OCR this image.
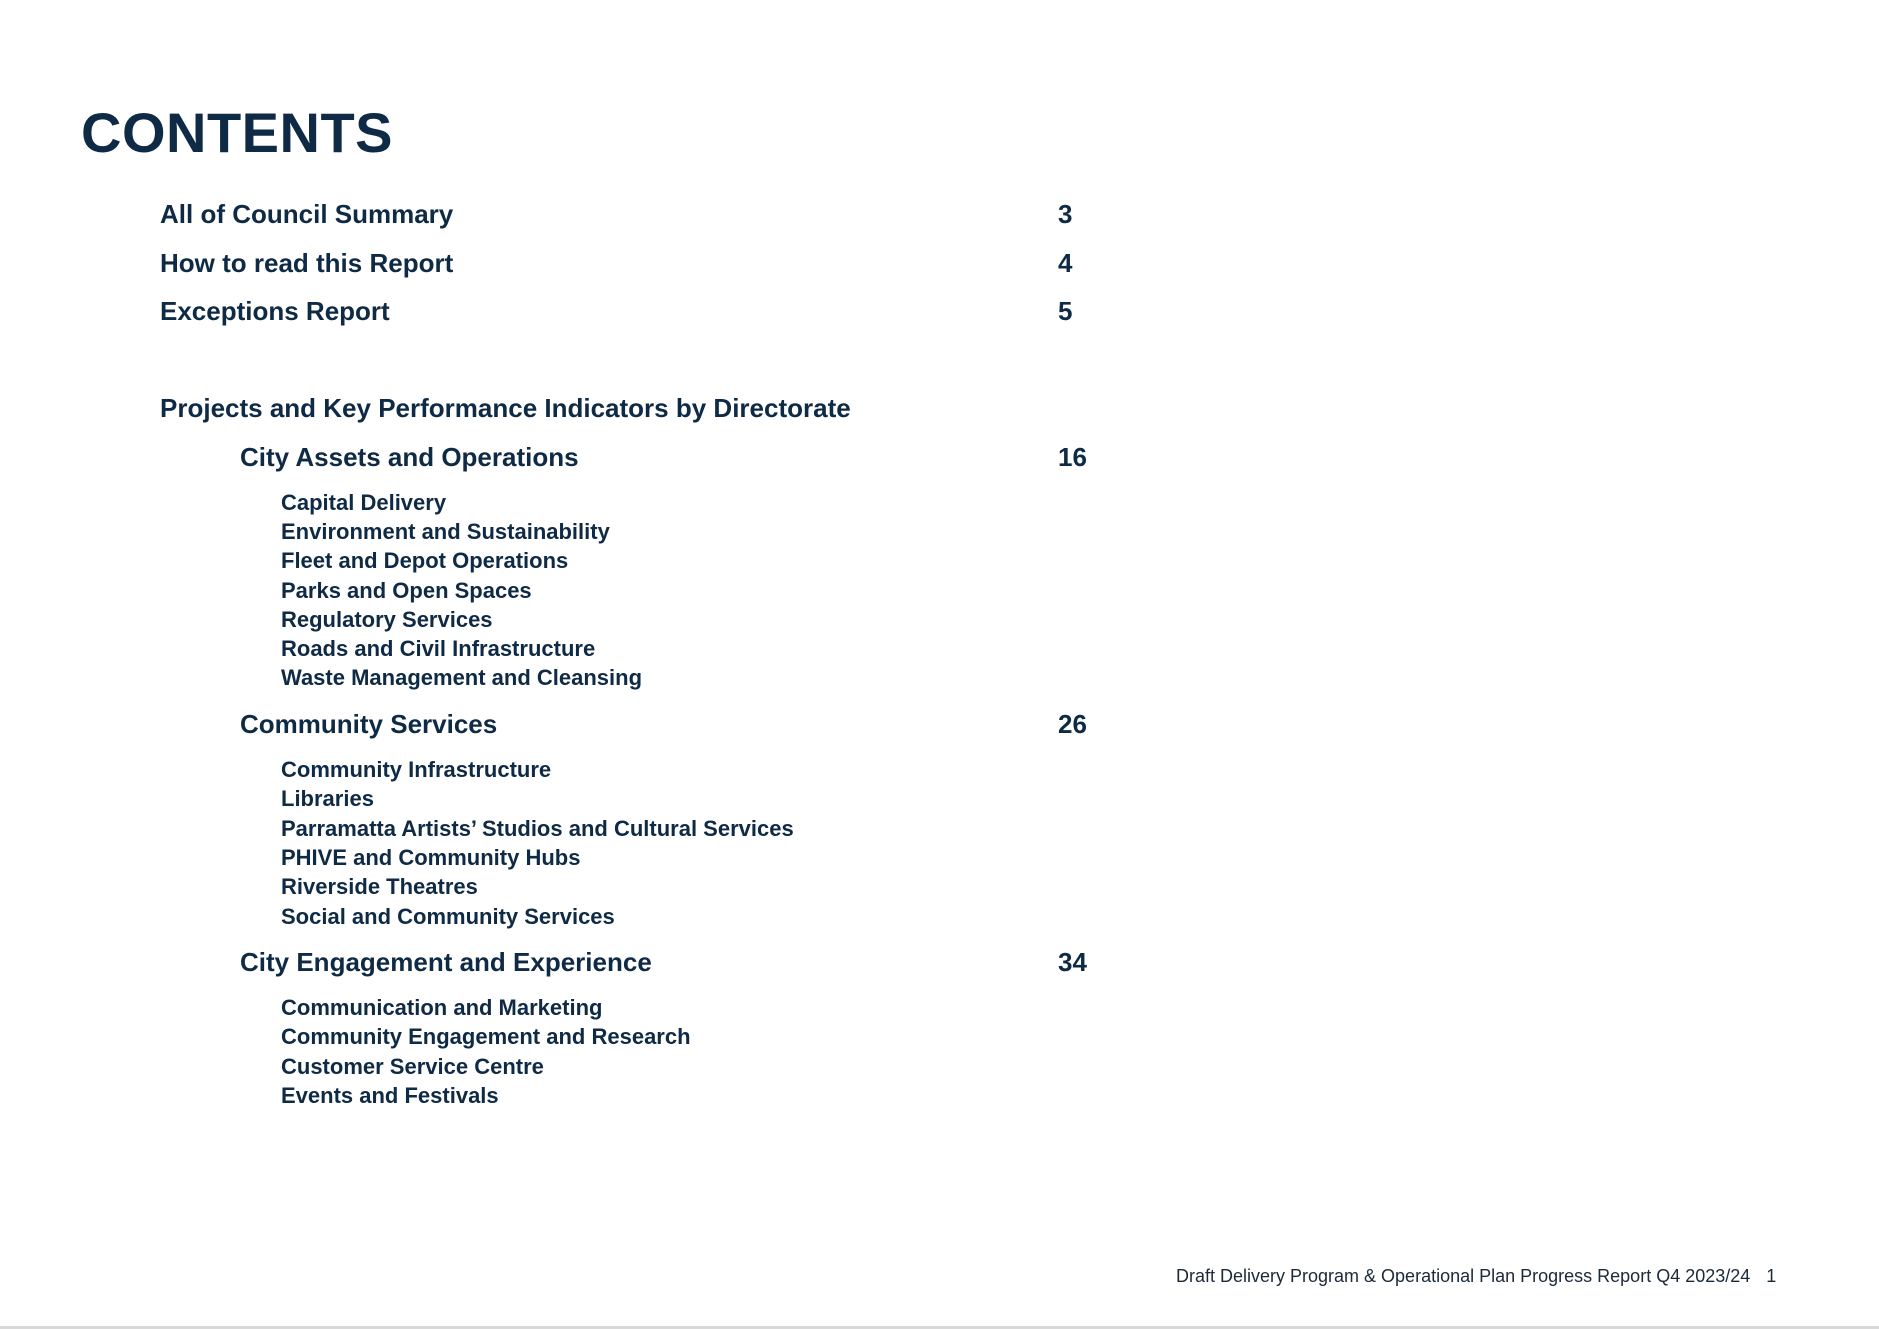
CONTENTS
All of Council Summary	3
How to read this Report	4
Exceptions Report	5
Projects and Key Performance Indicators by Directorate
City Assets and Operations	16
Capital Delivery
Environment and Sustainability
Fleet and Depot Operations
Parks and Open Spaces
Regulatory Services
Roads and Civil Infrastructure
Waste Management and Cleansing
Community Services	26
Community Infrastructure
Libraries
Parramatta Artists’ Studios and Cultural Services
PHIVE and Community Hubs
Riverside Theatres
Social and Community Services
City Engagement and Experience	34
Communication and Marketing
Community Engagement and Research
Customer Service Centre
Events and Festivals
Draft Delivery Program & Operational Plan Progress Report Q4 2023/24 1
